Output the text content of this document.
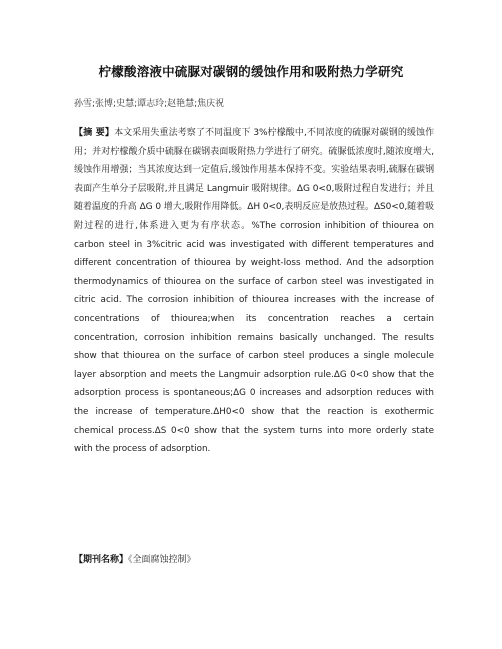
柠檬酸溶液中硫脲对碳钢的缓蚀作用和吸附热力学研究
孙雪;张博;史慧;谭志玲;赵艳慧;焦庆祝
【摘 要】本文采用失重法考察了不同温度下 3%柠檬酸中,不同浓度的硫脲对碳钢的缓蚀作用；并对柠檬酸介质中硫脲在碳钢表面吸附热力学进行了研究。硫脲低浓度时,随浓度增大,缓蚀作用增强；当其浓度达到一定值后,缓蚀作用基本保持不变。实验结果表明,硫脲在碳钢表面产生单分子层吸附,并且满足 Langmuir 吸附规律。ΔG 0<0,吸附过程自发进行；并且随着温度的升高 ΔG 0 增大,吸附作用降低。ΔH 0<0,表明反应是放热过程。ΔS0<0,随着吸附过程的进行,体系进入更为有序状态。%The corrosion inhibition of thiourea on carbon steel in 3%citric acid was investigated with different temperatures and different concentration of thiourea by weight-loss method. And the adsorption thermodynamics of thiourea on the surface of carbon steel was investigated in citric acid. The corrosion inhibition of thiourea increases with the increase of concentrations of thiourea;when its concentration reaches a certain concentration, corrosion inhibition remains basically unchanged. The results show that thiourea on the surface of carbon steel produces a single molecule layer absorption and meets the Langmuir adsorption rule.ΔG 0<0 show that the adsorption process is spontaneous;ΔG 0 increases and adsorption reduces with the increase of temperature.ΔH0<0 show that the reaction is exothermic chemical process.ΔS 0<0 show that the system turns into more orderly state with the process of adsorption.
【期刊名称】《全面腐蚀控制》
